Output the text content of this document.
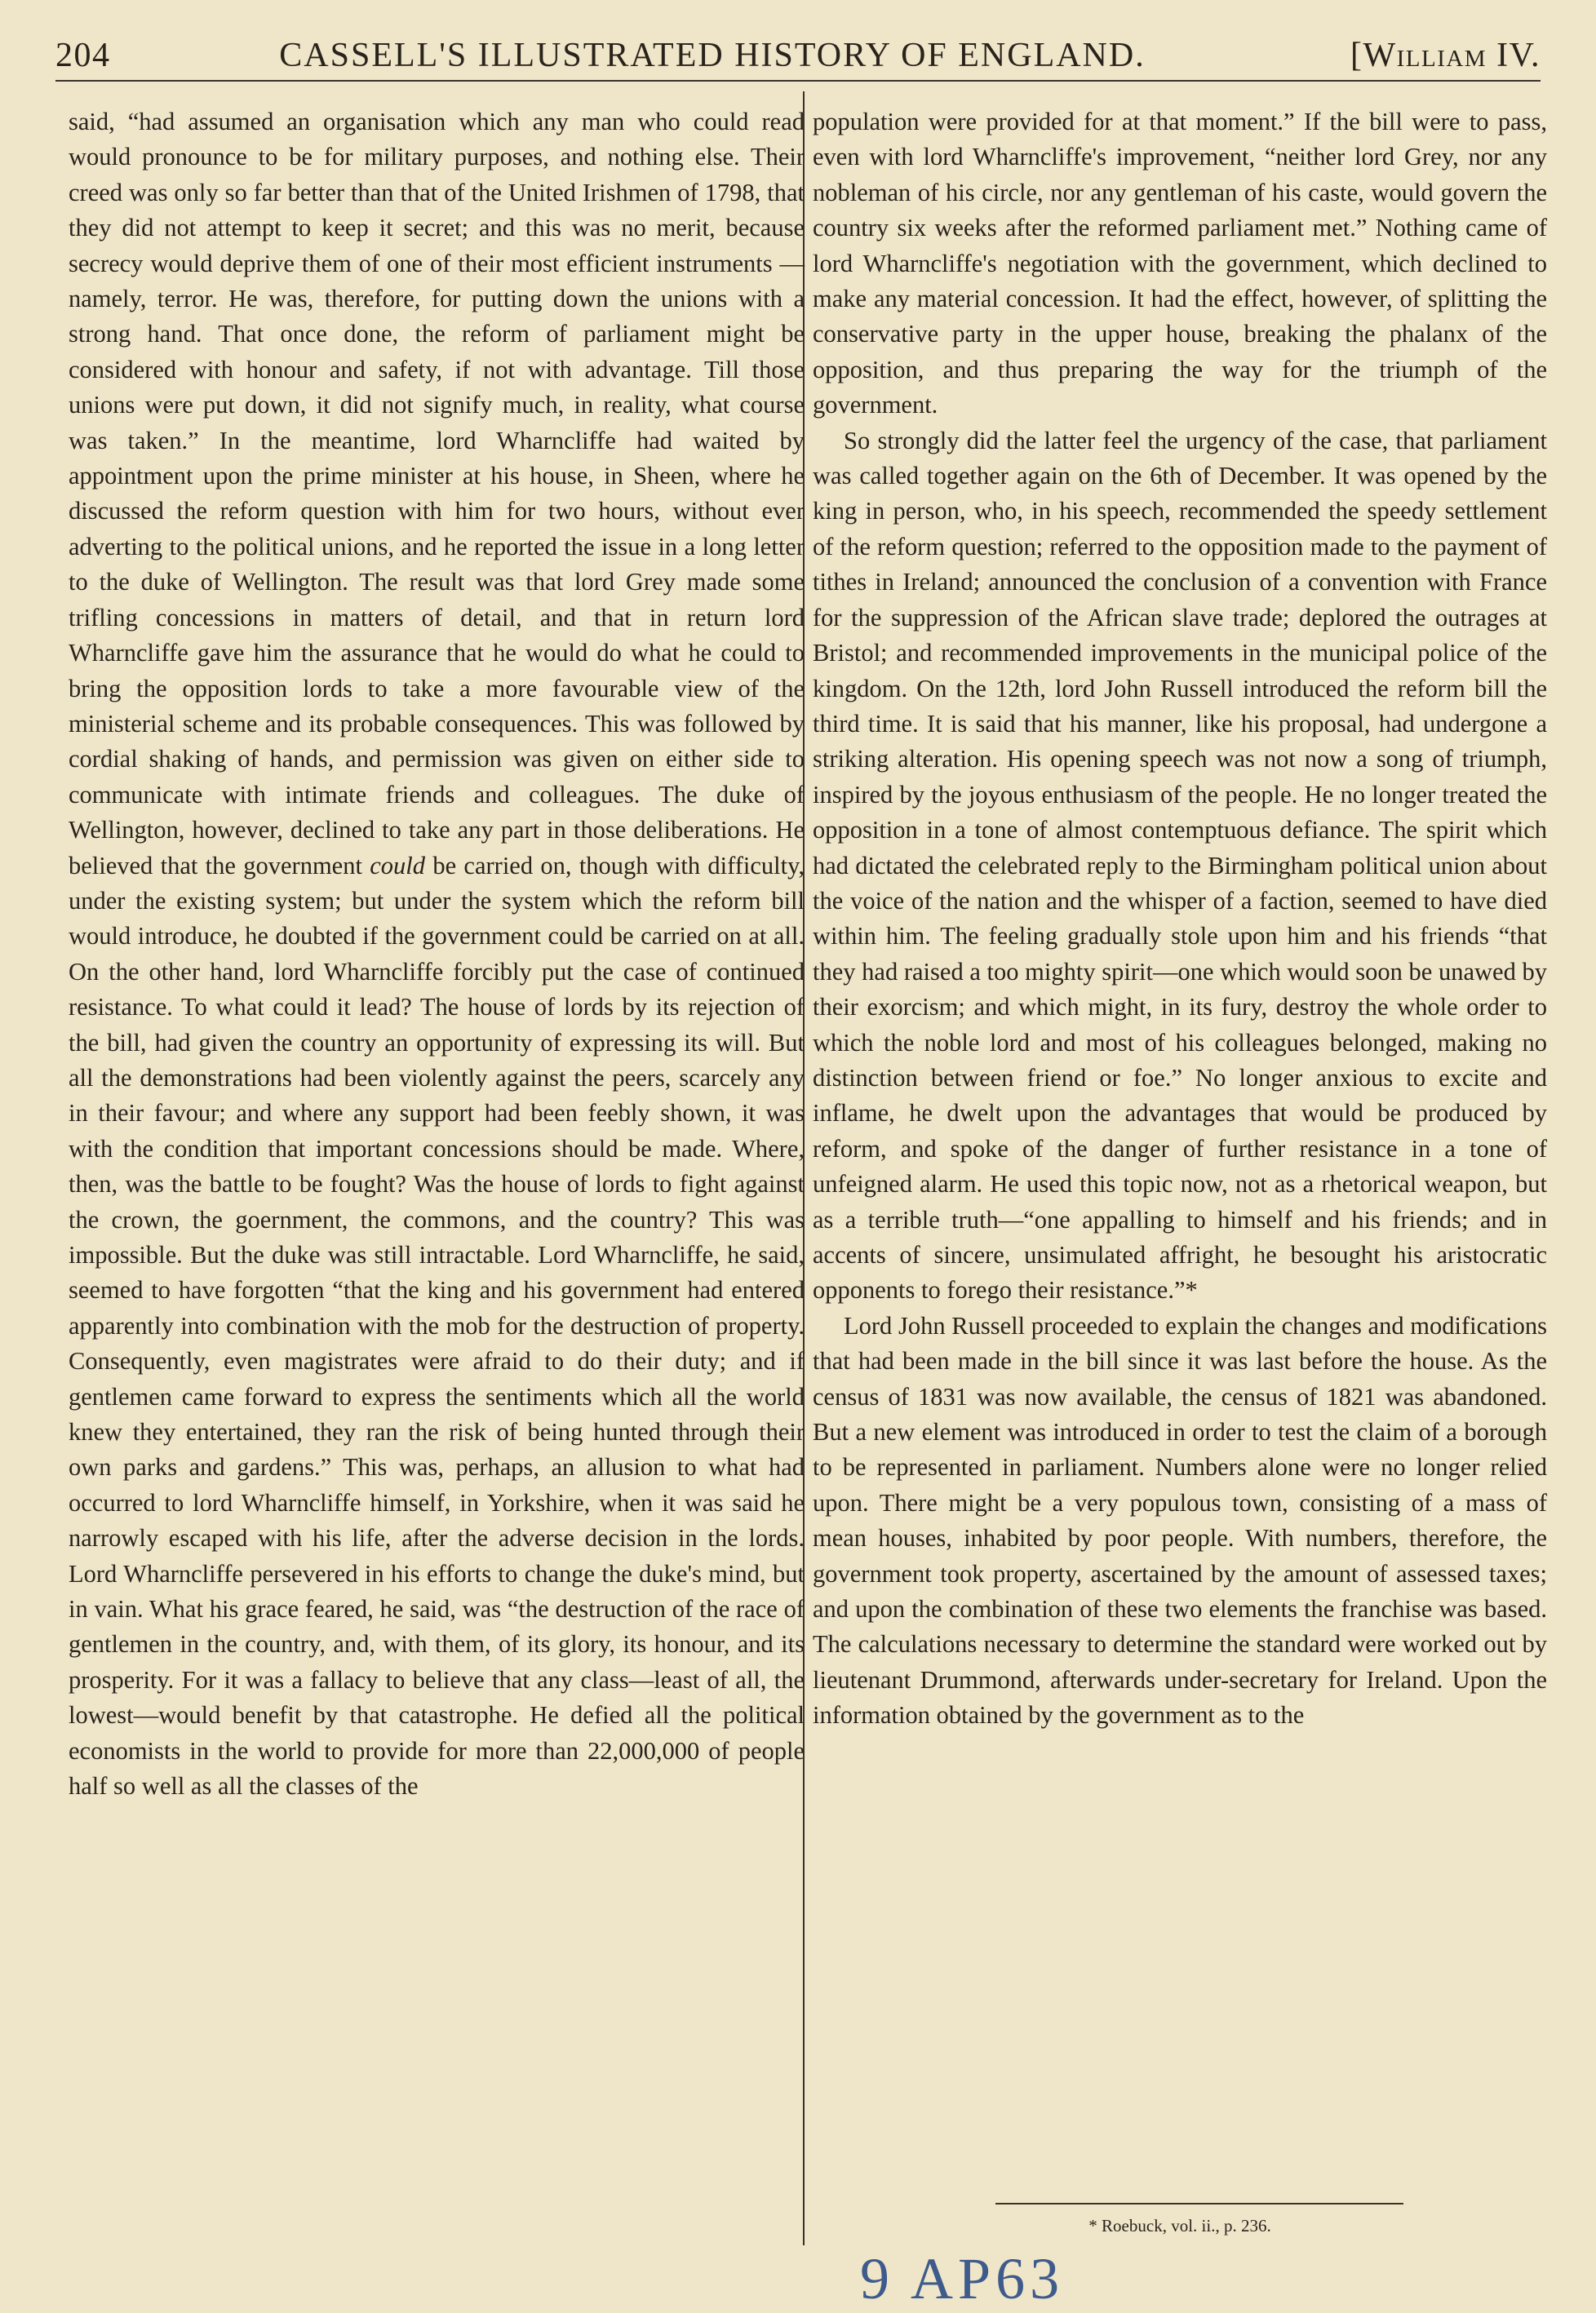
204	CASSELL'S ILLUSTRATED HISTORY OF ENGLAND.	[William IV.

said, “had assumed an organisation which any man who could read would pronounce to be for military purposes, and nothing else. Their creed was only so far better than that of the United Irishmen of 1798, that they did not attempt to keep it secret; and this was no merit, because secrecy would deprive them of one of their most efficient instruments — namely, terror. He was, therefore, for putting down the unions with a strong hand. That once done, the reform of parliament might be considered with honour and safety, if not with advantage. Till those unions were put down, it did not signify much, in reality, what course was taken.” In the meantime, lord Wharncliffe had waited by appointment upon the prime minister at his house, in Sheen, where he discussed the reform question with him for two hours, without ever adverting to the political unions, and he reported the issue in a long letter to the duke of Wellington. The result was that lord Grey made some trifling concessions in matters of detail, and that in return lord Wharncliffe gave him the assurance that he would do what he could to bring the opposition lords to take a more favourable view of the ministerial scheme and its probable consequences. This was followed by cordial shaking of hands, and permission was given on either side to communicate with intimate friends and colleagues. The duke of Wellington, however, declined to take any part in those deliberations. He believed that the government could be carried on, though with difficulty, under the existing system; but under the system which the reform bill would introduce, he doubted if the government could be carried on at all. On the other hand, lord Wharncliffe forcibly put the case of continued resistance. To what could it lead? The house of lords by its rejection of the bill, had given the country an opportunity of expressing its will. But all the demonstrations had been violently against the peers, scarcely any in their favour; and where any support had been feebly shown, it was with the condition that important concessions should be made. Where, then, was the battle to be fought? Was the house of lords to fight against the crown, the goernment, the commons, and the country? This was impossible. But the duke was still intractable. Lord Wharncliffe, he said, seemed to have forgotten “that the king and his government had entered apparently into combination with the mob for the destruction of property. Consequently, even magistrates were afraid to do their duty; and if gentlemen came forward to express the sentiments which all the world knew they entertained, they ran the risk of being hunted through their own parks and gardens.” This was, perhaps, an allusion to what had occurred to lord Wharncliffe himself, in Yorkshire, when it was said he narrowly escaped with his life, after the adverse decision in the lords. Lord Wharncliffe persevered in his efforts to change the duke's mind, but in vain. What his grace feared, he said, was “the destruction of the race of gentlemen in the country, and, with them, of its glory, its honour, and its prosperity. For it was a fallacy to believe that any class—least of all, the lowest—would benefit by that catastrophe. He defied all the political economists in the world to provide for more than 22,000,000 of people half so well as all the classes of the

population were provided for at that moment.” If the bill were to pass, even with lord Wharncliffe's improvement, “neither lord Grey, nor any nobleman of his circle, nor any gentleman of his caste, would govern the country six weeks after the reformed parliament met.” Nothing came of lord Wharncliffe's negotiation with the government, which declined to make any material concession. It had the effect, however, of splitting the conservative party in the upper house, breaking the phalanx of the opposition, and thus preparing the way for the triumph of the government.

So strongly did the latter feel the urgency of the case, that parliament was called together again on the 6th of December. It was opened by the king in person, who, in his speech, recommended the speedy settlement of the reform question; referred to the opposition made to the payment of tithes in Ireland; announced the conclusion of a convention with France for the suppression of the African slave trade; deplored the outrages at Bristol; and recommended improvements in the municipal police of the kingdom. On the 12th, lord John Russell introduced the reform bill the third time. It is said that his manner, like his proposal, had undergone a striking alteration. His opening speech was not now a song of triumph, inspired by the joyous enthusiasm of the people. He no longer treated the opposition in a tone of almost contemptuous defiance. The spirit which had dictated the celebrated reply to the Birmingham political union about the voice of the nation and the whisper of a faction, seemed to have died within him. The feeling gradually stole upon him and his friends “that they had raised a too mighty spirit—one which would soon be unawed by their exorcism; and which might, in its fury, destroy the whole order to which the noble lord and most of his colleagues belonged, making no distinction between friend or foe.” No longer anxious to excite and inflame, he dwelt upon the advantages that would be produced by reform, and spoke of the danger of further resistance in a tone of unfeigned alarm. He used this topic now, not as a rhetorical weapon, but as a terrible truth—“one appalling to himself and his friends; and in accents of sincere, unsimulated affright, he besought his aristocratic opponents to forego their resistance.”*

Lord John Russell proceeded to explain the changes and modifications that had been made in the bill since it was last before the house. As the census of 1831 was now available, the census of 1821 was abandoned. But a new element was introduced in order to test the claim of a borough to be represented in parliament. Numbers alone were no longer relied upon. There might be a very populous town, consisting of a mass of mean houses, inhabited by poor people. With numbers, therefore, the government took property, ascertained by the amount of assessed taxes; and upon the combination of these two elements the franchise was based. The calculations necessary to determine the standard were worked out by lieutenant Drummond, afterwards under-secretary for Ireland. Upon the information obtained by the government as to the

* Roebuck, vol. ii., p. 236.
9 AP63
